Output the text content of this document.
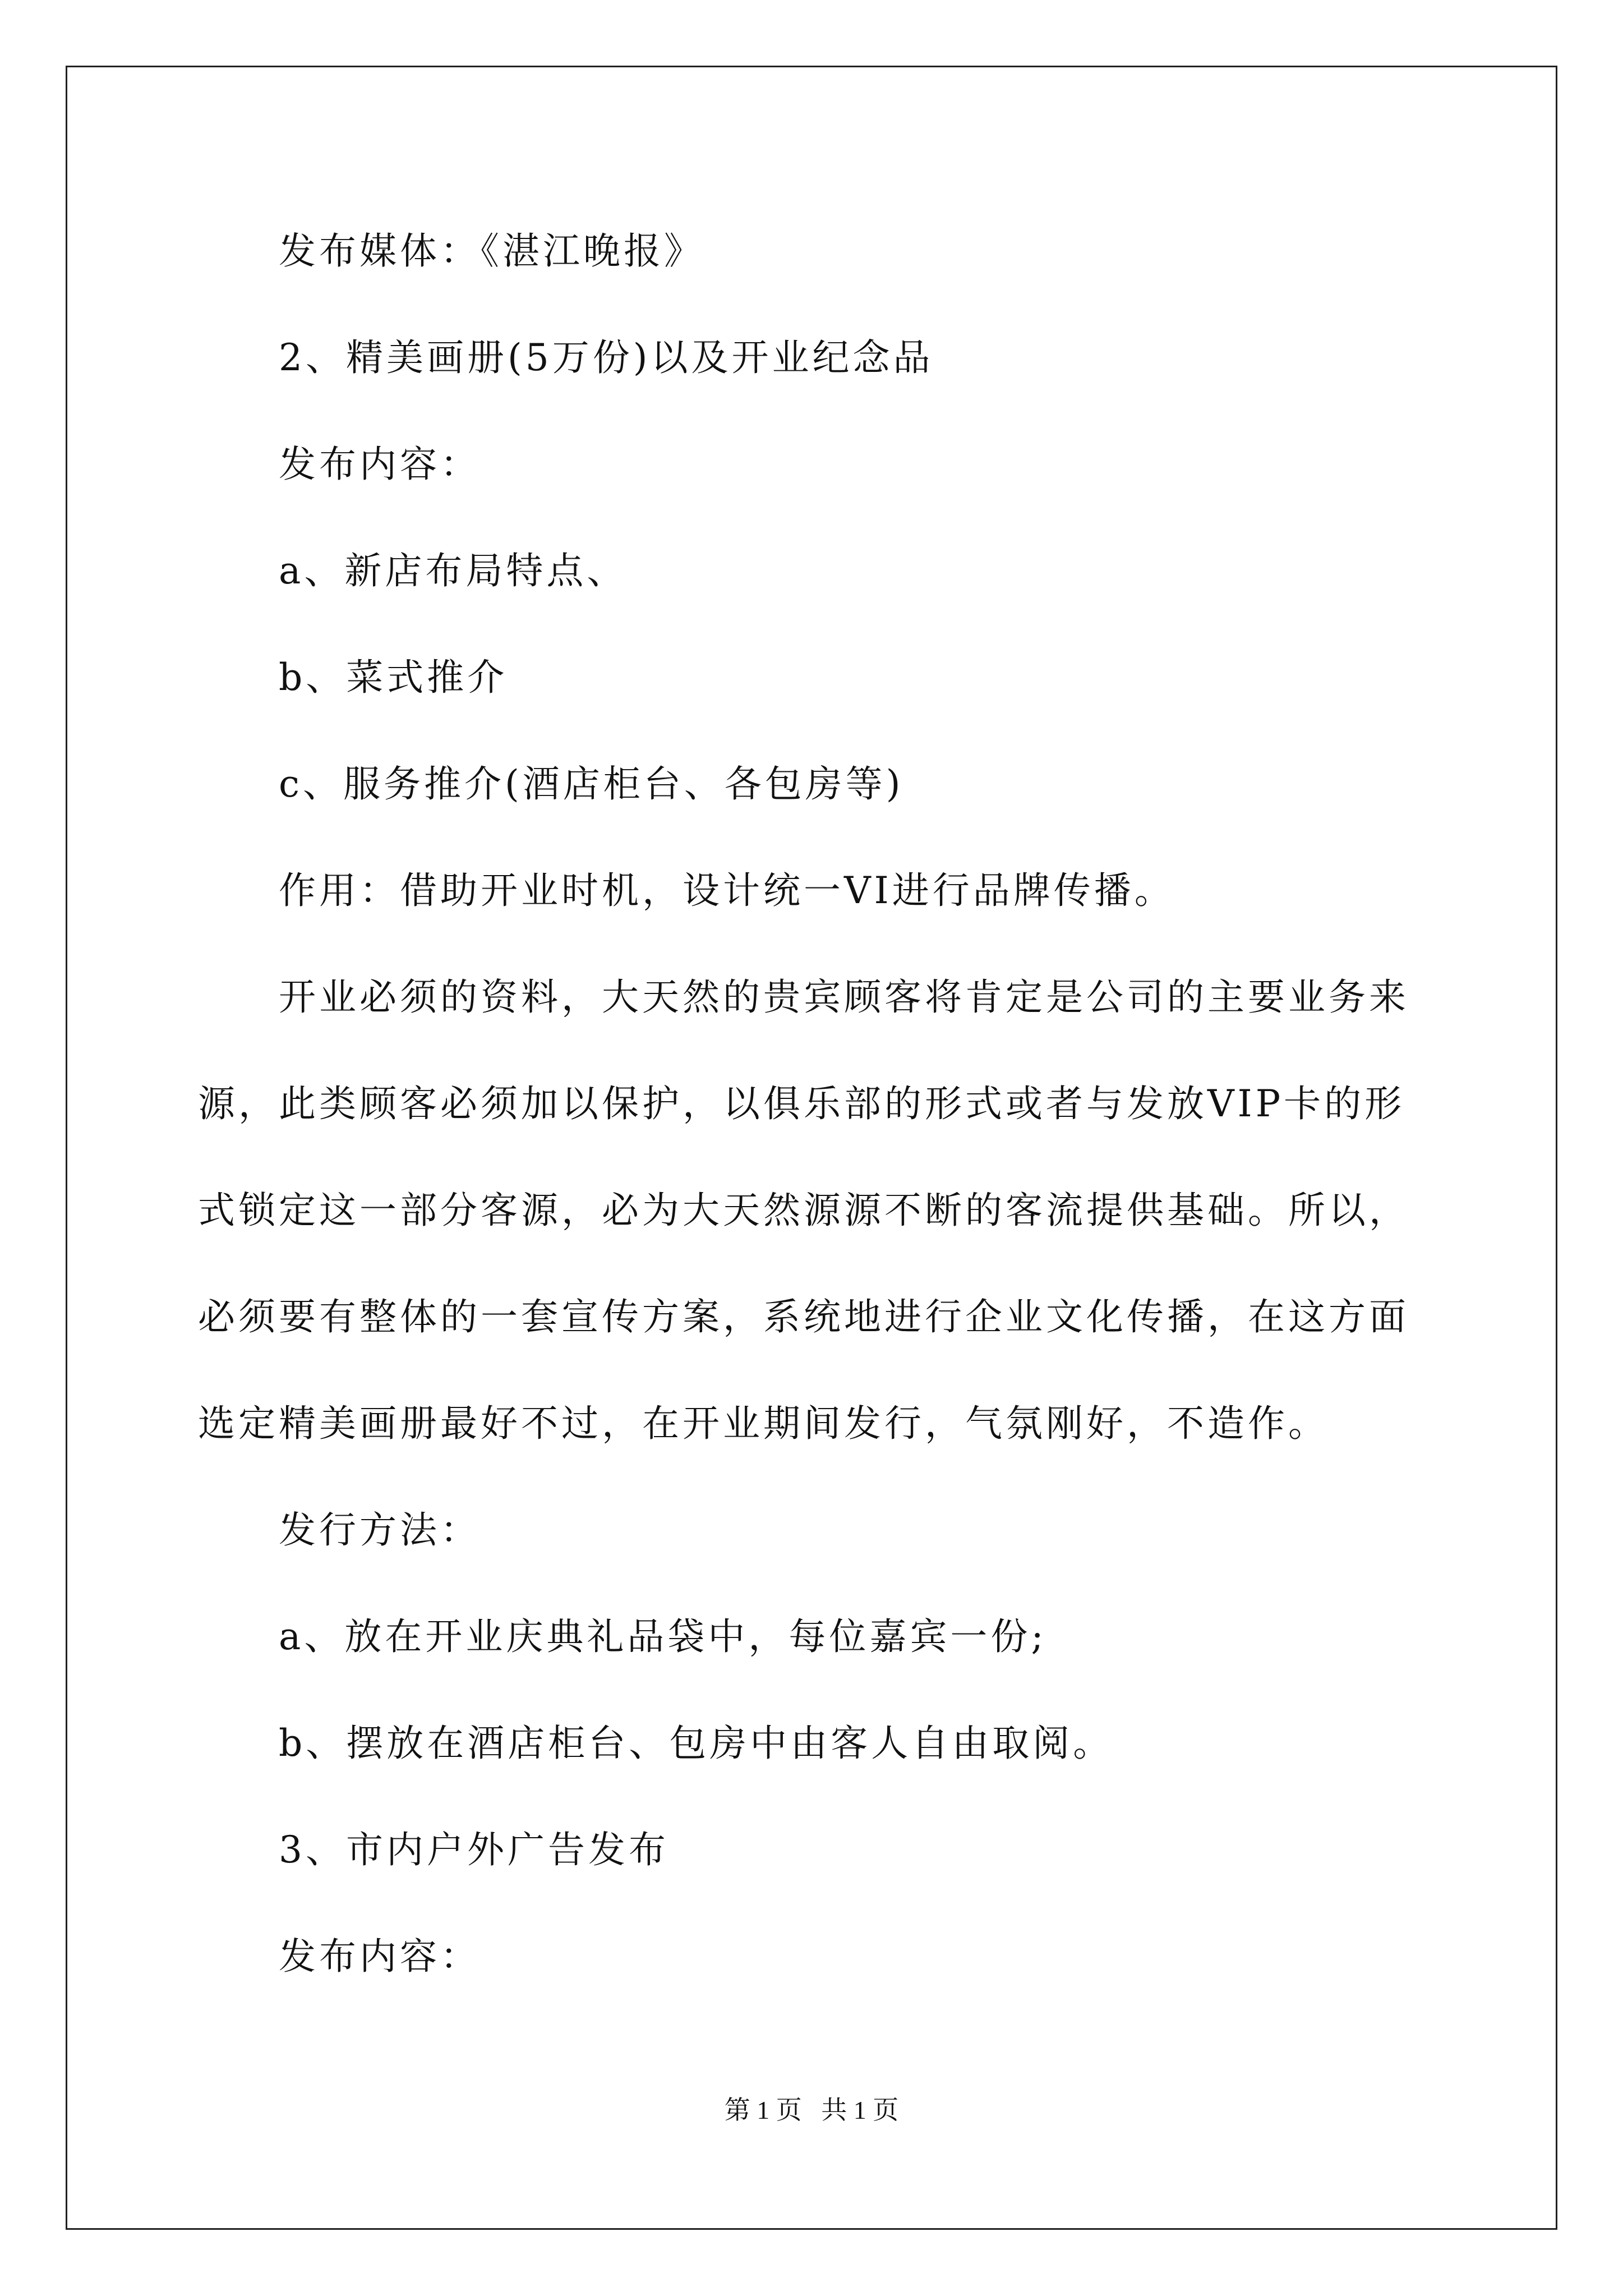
发布媒体：《湛江晚报》
2、精美画册(5万份)以及开业纪念品
发布内容：
a、新店布局特点、
b、菜式推介
c、服务推介(酒店柜台、各包房等)
作用：借助开业时机，设计统一VI进行品牌传播。
开业必须的资料，大天然的贵宾顾客将肯定是公司的主要业务来
源，此类顾客必须加以保护，以俱乐部的形式或者与发放VIP卡的形
式锁定这一部分客源，必为大天然源源不断的客流提供基础。所以，
必须要有整体的一套宣传方案，系统地进行企业文化传播，在这方面
选定精美画册最好不过，在开业期间发行，气氛刚好，不造作。
发行方法：
a、放在开业庆典礼品袋中，每位嘉宾一份;
b、摆放在酒店柜台、包房中由客人自由取阅。
3、市内户外广告发布
发布内容：
第 1 页   共 1 页
